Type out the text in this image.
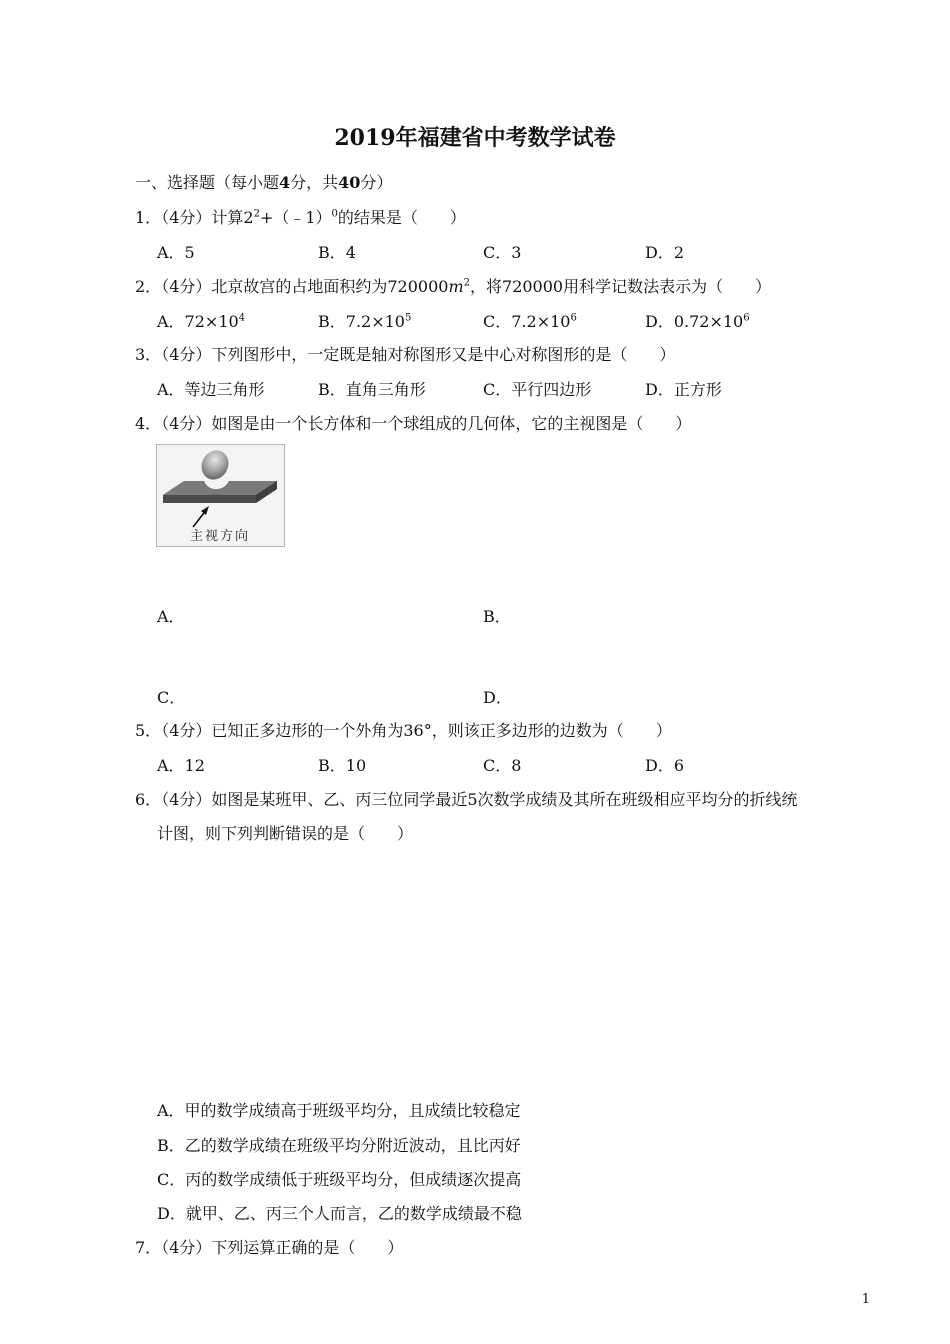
2019年福建省中考数学试卷
一、选择题（每小题4分，共40分）
1．（4分）计算$2^2+(﹣1)^0$的结果是（　　）
A．5	B．4	C．3	D．2
2．（4分）北京故宫的占地面积约为$720000m^2$，将720000用科学记数法表示为（　　）
A．$72\times 10^4$	B．$7.2\times 10^5$	C．$7.2\times 10^6$	D．$0.72\times 10^6$
3．（4分）下列图形中，一定既是轴对称图形又是中心对称图形的是（　　）
A．等边三角形	B．直角三角形	C．平行四边形	D．正方形
4．（4分）如图是由一个长方体和一个球组成的几何体，它的主视图是（　　）
主视方向
A．	B．
C．	D．
5．（4分）已知正多边形的一个外角为36°，则该正多边形的边数为（　　）
A．12	B．10	C．8	D．6
6．（4分）如图是某班甲、乙、丙三位同学最近5次数学成绩及其所在班级相应平均分的折线统
计图，则下列判断错误的是（　　）
A．甲的数学成绩高于班级平均分，且成绩比较稳定
B．乙的数学成绩在班级平均分附近波动，且比丙好
C．丙的数学成绩低于班级平均分，但成绩逐次提高
D．就甲、乙、丙三个人而言，乙的数学成绩最不稳
7．（4分）下列运算正确的是（　　）
1
